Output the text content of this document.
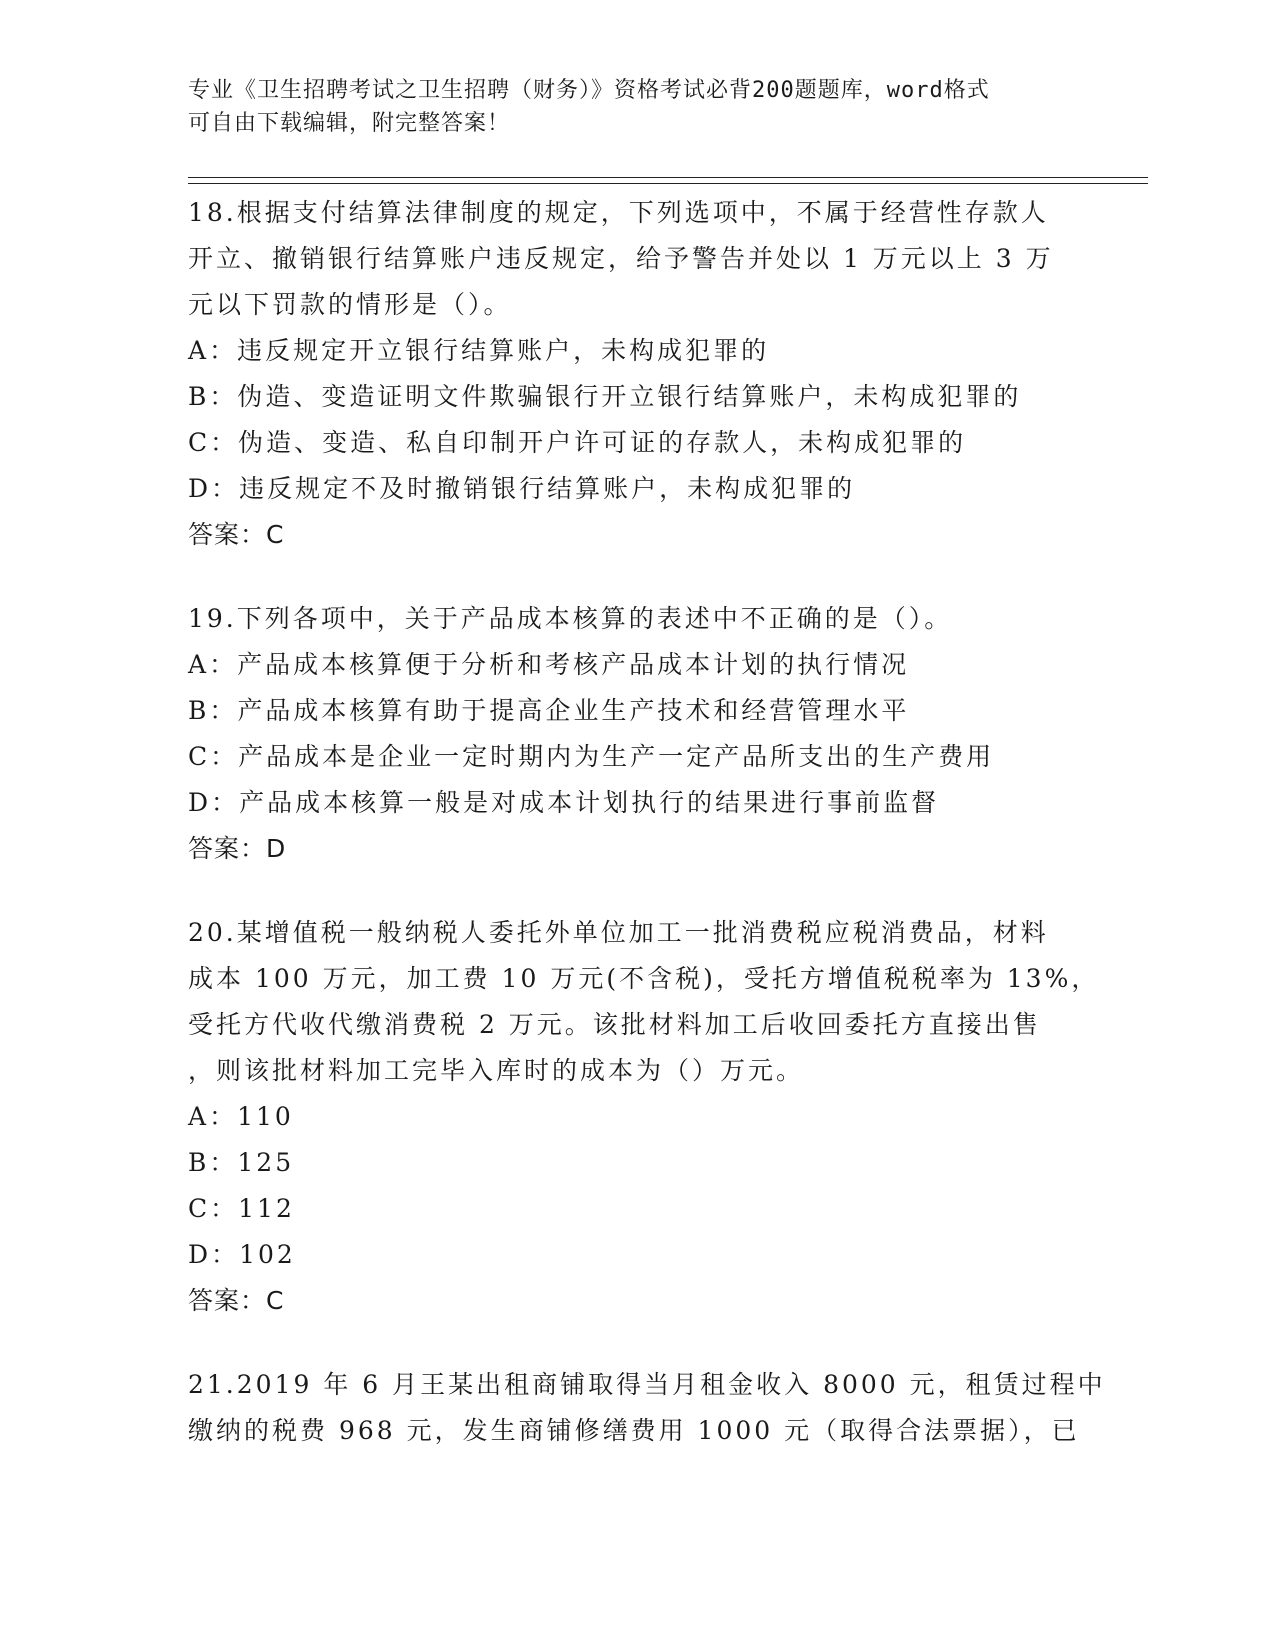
专业《卫生招聘考试之卫生招聘（财务）》资格考试必背200题题库，word格式
可自由下载编辑，附完整答案！
18.根据支付结算法律制度的规定，下列选项中，不属于经营性存款人
开立、撤销银行结算账户违反规定，给予警告并处以 1 万元以上 3 万
元以下罚款的情形是（）。
A：违反规定开立银行结算账户，未构成犯罪的
B：伪造、变造证明文件欺骗银行开立银行结算账户，未构成犯罪的
C：伪造、变造、私自印制开户许可证的存款人，未构成犯罪的
D：违反规定不及时撤销银行结算账户，未构成犯罪的
答案：C
19.下列各项中，关于产品成本核算的表述中不正确的是（）。
A：产品成本核算便于分析和考核产品成本计划的执行情况
B：产品成本核算有助于提高企业生产技术和经营管理水平
C：产品成本是企业一定时期内为生产一定产品所支出的生产费用
D：产品成本核算一般是对成本计划执行的结果进行事前监督
答案：D
20.某增值税一般纳税人委托外单位加工一批消费税应税消费品，材料
成本 100 万元，加工费 10 万元(不含税)，受托方增值税税率为 13%，
受托方代收代缴消费税 2 万元。该批材料加工后收回委托方直接出售
，则该批材料加工完毕入库时的成本为（）万元。
A：110
B：125
C：112
D：102
答案：C
21.2019 年 6 月王某出租商铺取得当月租金收入 8000 元，租赁过程中
缴纳的税费 968 元，发生商铺修缮费用 1000 元（取得合法票据），已
